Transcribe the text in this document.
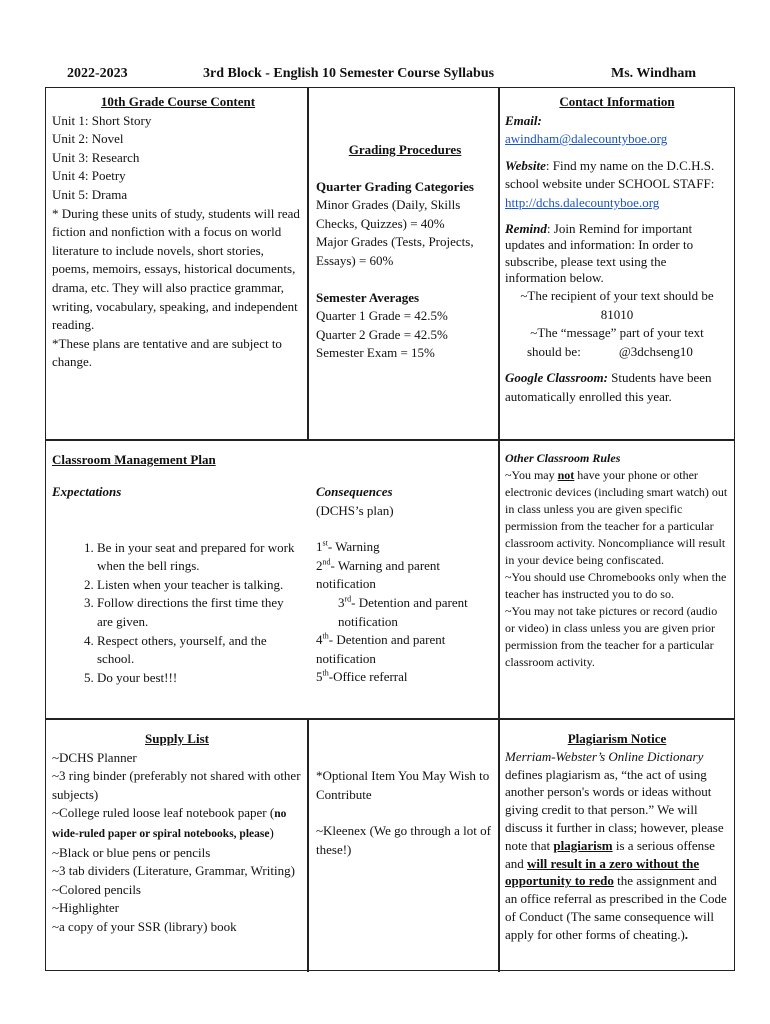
2022-2023	3rd Block - English 10 Semester Course Syllabus	Ms. Windham

10th Grade Course Content

Unit 1: Short Story

Unit 2: Novel

Unit 3: Research

Unit 4: Poetry

Unit 5: Drama

* During these units of study, students will read fiction and nonfiction with a focus on world literature to include novels, short stories, poems, memoirs, essays, historical documents, drama, etc. They will also practice grammar, writing, vocabulary, speaking, and independent reading.

*These plans are tentative and are subject to change.

Grading Procedures

Quarter Grading Categories

Minor Grades (Daily, Skills Checks, Quizzes) = 40%

Major Grades (Tests, Projects, Essays) = 60%

Semester Averages

Quarter 1 Grade = 42.5%

Quarter 2 Grade = 42.5%

Semester Exam = 15%

Contact Information

Email:

awindham@dalecountyboe.org

Website: Find my name on the D.C.H.S. school website under SCHOOL STAFF:

http://dchs.dalecountyboe.org

Remind: Join Remind for important updates and information: In order to subscribe, please text using the information below.

~The recipient of your text should be

81010

~The “message” part of your text

should be:	@3dchseng10

Google Classroom: Students have been automatically enrolled this year.

Classroom Management Plan

Expectations

1. Be in your seat and prepared for work when the bell rings.
2. Listen when your teacher is talking.
3. Follow directions the first time they are given.
4. Respect others, yourself, and the school.
5. Do your best!!!

Consequences

(DCHS’s plan)

1st- Warning

2nd- Warning and parent notification

3rd- Detention and parent notification

4th- Detention and parent notification

5th-Office referral

Other Classroom Rules

~You may not have your phone or other electronic devices (including smart watch) out in class unless you are given specific permission from the teacher for a particular classroom activity. Noncompliance will result in your device being confiscated.

~You should use Chromebooks only when the teacher has instructed you to do so.

~You may not take pictures or record (audio or video) in class unless you are given prior permission from the teacher for a particular classroom activity.

Supply List

~DCHS Planner

~3 ring binder (preferably not shared with other subjects)

~College ruled loose leaf notebook paper (no wide-ruled paper or spiral notebooks, please)

~Black or blue pens or pencils

~3 tab dividers (Literature, Grammar, Writing)

~Colored pencils

~Highlighter

~a copy of your SSR (library) book

*Optional Item You May Wish to Contribute

~Kleenex (We go through a lot of these!)

Plagiarism Notice

Merriam-Webster’s Online Dictionary defines plagiarism as, “the act of using another person's words or ideas without giving credit to that person.” We will discuss it further in class; however, please note that plagiarism is a serious offense and will result in a zero without the opportunity to redo the assignment and an office referral as prescribed in the Code of Conduct (The same consequence will apply for other forms of cheating.).
